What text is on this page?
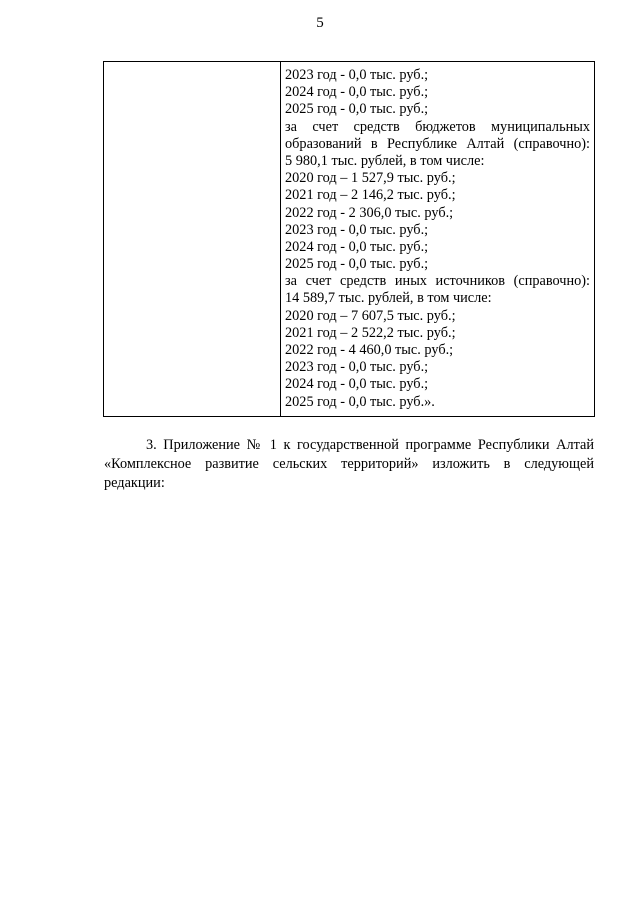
5

2023 год - 0,0 тыс. руб.;
2024 год - 0,0 тыс. руб.;
2025 год - 0,0 тыс. руб.;
за счет средств бюджетов муниципальных
образований в Республике Алтай (справочно):
5 980,1 тыс. рублей, в том числе:
2020 год – 1 527,9 тыс. руб.;
2021 год – 2 146,2 тыс. руб.;
2022 год - 2 306,0 тыс. руб.;
2023 год - 0,0 тыс. руб.;
2024 год - 0,0 тыс. руб.;
2025 год - 0,0 тыс. руб.;
за счет средств иных источников (справочно):
14 589,7 тыс. рублей, в том числе:
2020 год – 7 607,5 тыс. руб.;
2021 год – 2 522,2 тыс. руб.;
2022 год - 4 460,0 тыс. руб.;
2023 год - 0,0 тыс. руб.;
2024 год - 0,0 тыс. руб.;
2025 год - 0,0 тыс. руб.».
3. Приложение № 1 к государственной программе Республики Алтай
«Комплексное развитие сельских территорий» изложить в следующей
редакции:
